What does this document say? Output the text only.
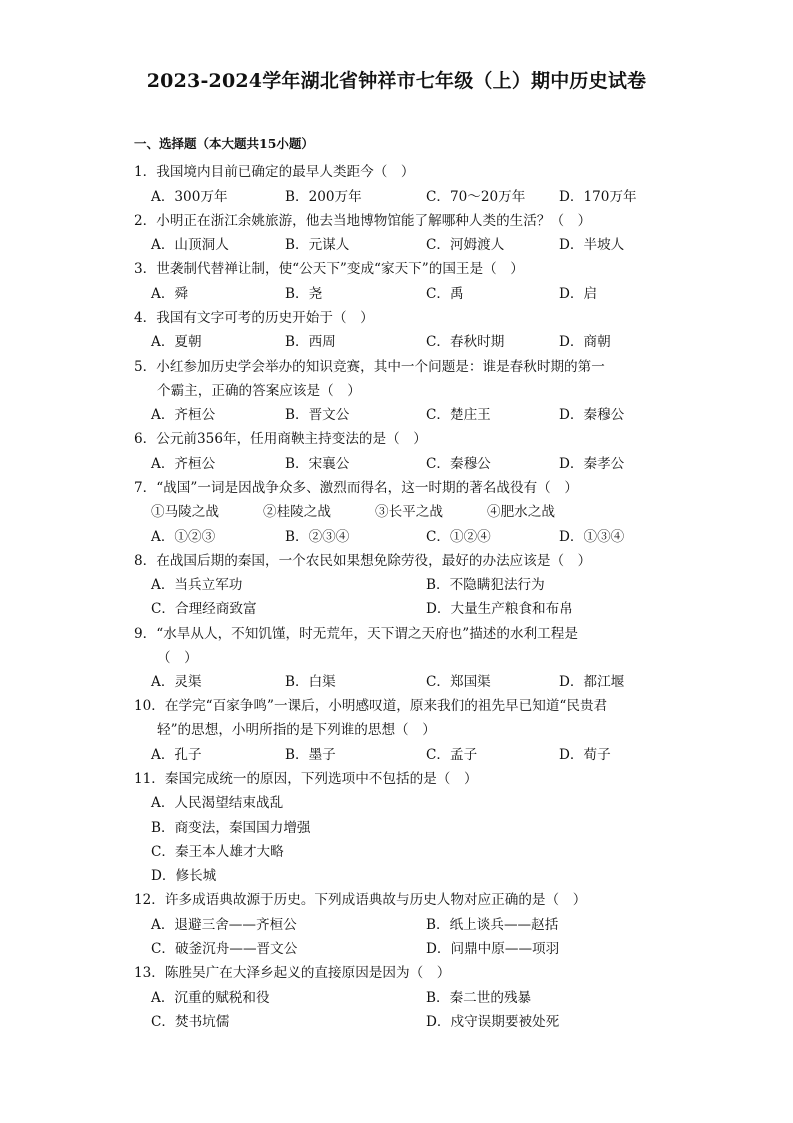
2023-2024学年湖北省钟祥市七年级（上）期中历史试卷
一、选择题（本大题共15小题）
1．我国境内目前已确定的最早人类距今（　）
A．300万年	B．200万年	C．70～20万年 D．170万年
2．小明正在浙江余姚旅游，他去当地博物馆能了解哪种人类的生活？（　）
A．山顶洞人	B．元谋人	C．河姆渡人	D．半坡人
3．世袭制代替禅让制，使“公天下”变成“家天下”的国王是（　）
A．舜	B．尧	C．禹	D．启
4．我国有文字可考的历史开始于（　）
A．夏朝	B．西周	C．春秋时期	D．商朝
5．小红参加历史学会举办的知识竞赛，其中一个问题是：谁是春秋时期的第一
个霸主，正确的答案应该是（　）
A．齐桓公	B．晋文公	C．楚庄王	D．秦穆公
6．公元前356年，任用商鞅主持变法的是（　）
A．齐桓公	B．宋襄公	C．秦穆公	D．秦孝公
7．“战国”一词是因战争众多、激烈而得名，这一时期的著名战役有（　）
①马陵之战	②桂陵之战	③长平之战	④肥水之战
A．①②③	B．②③④	C．①②④	D．①③④
8．在战国后期的秦国，一个农民如果想免除劳役，最好的办法应该是（　）
A．当兵立军功	B．不隐瞒犯法行为
C．合理经商致富	D．大量生产粮食和布帛
9．“水旱从人，不知饥馑，时无荒年，天下谓之天府也”描述的水利工程是
（　）
A．灵渠	B．白渠	C．郑国渠	D．都江堰
10．在学完“百家争鸣”一课后，小明感叹道，原来我们的祖先早已知道“民贵君
轻”的思想，小明所指的是下列谁的思想（　）
A．孔子	B．墨子	C．孟子	D．荀子
11．秦国完成统一的原因，下列选项中不包括的是（　）
A．人民渴望结束战乱
B．商变法，秦国国力增强
C．秦王本人雄才大略
D．修长城
12．许多成语典故源于历史。下列成语典故与历史人物对应正确的是（　）
A．退避三舍——齐桓公	B．纸上谈兵——赵括
C．破釜沉舟——晋文公	D．问鼎中原——项羽
13．陈胜吴广在大泽乡起义的直接原因是因为（　）
A．沉重的赋税和役	B．秦二世的残暴
C．焚书坑儒	D．戍守误期要被处死
